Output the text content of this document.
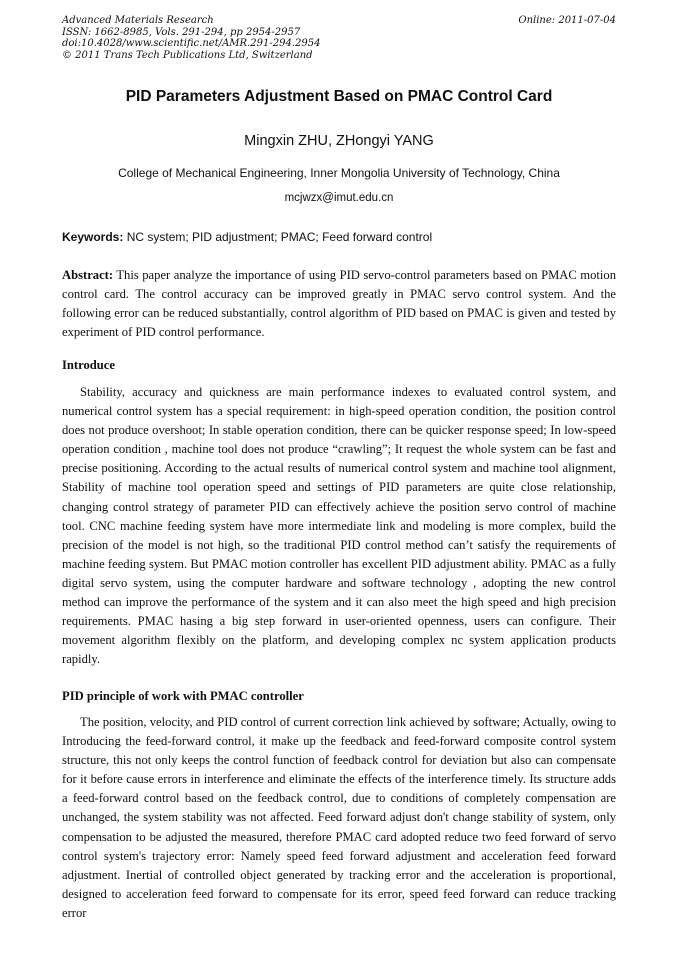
Advanced Materials Research
ISSN: 1662-8985, Vols. 291-294, pp 2954-2957
doi:10.4028/www.scientific.net/AMR.291-294.2954
© 2011 Trans Tech Publications Ltd, Switzerland
Online: 2011-07-04
PID Parameters Adjustment Based on PMAC Control Card
Mingxin ZHU, ZHongyi YANG
College of Mechanical Engineering, Inner Mongolia University of Technology, China
mcjwzx@imut.edu.cn
Keywords: NC system; PID adjustment; PMAC; Feed forward control
Abstract: This paper analyze the importance of using PID servo-control parameters based on PMAC motion control card. The control accuracy can be improved greatly in PMAC servo control system. And the following error can be reduced substantially, control algorithm of PID based on PMAC is given and tested by experiment of PID control performance.
Introduce
Stability, accuracy and quickness are main performance indexes to evaluated control system, and numerical control system has a special requirement: in high-speed operation condition, the position control does not produce overshoot; In stable operation condition, there can be quicker response speed; In low-speed operation condition , machine tool does not produce “crawling”; It request the whole system can be fast and precise positioning. According to the actual results of numerical control system and machine tool alignment, Stability of machine tool operation speed and settings of PID parameters are quite close relationship, changing control strategy of parameter PID can effectively achieve the position servo control of machine tool. CNC machine feeding system have more intermediate link and modeling is more complex, build the precision of the model is not high, so the traditional PID control method can’t satisfy the requirements of machine feeding system. But PMAC motion controller has excellent PID adjustment ability. PMAC as a fully digital servo system, using the computer hardware and software technology , adopting the new control method can improve the performance of the system and it can also meet the high speed and high precision requirements. PMAC hasing a big step forward in user-oriented openness, users can configure. Their movement algorithm flexibly on the platform, and developing complex nc system application products rapidly.
PID principle of work with PMAC controller
The position, velocity, and PID control of current correction link achieved by software; Actually, owing to Introducing the feed-forward control, it make up the feedback and feed-forward composite control system structure, this not only keeps the control function of feedback control for deviation but also can compensate for it before cause errors in interference and eliminate the effects of the interference timely. Its structure adds a feed-forward control based on the feedback control, due to conditions of completely compensation are unchanged, the system stability was not affected. Feed forward adjust don't change stability of system, only compensation to be adjusted the measured, therefore PMAC card adopted reduce two feed forward of servo control system's trajectory error: Namely speed feed forward adjustment and acceleration feed forward adjustment. Inertial of controlled object generated by tracking error and the acceleration is proportional, designed to acceleration feed forward to compensate for its error, speed feed forward can reduce tracking error
